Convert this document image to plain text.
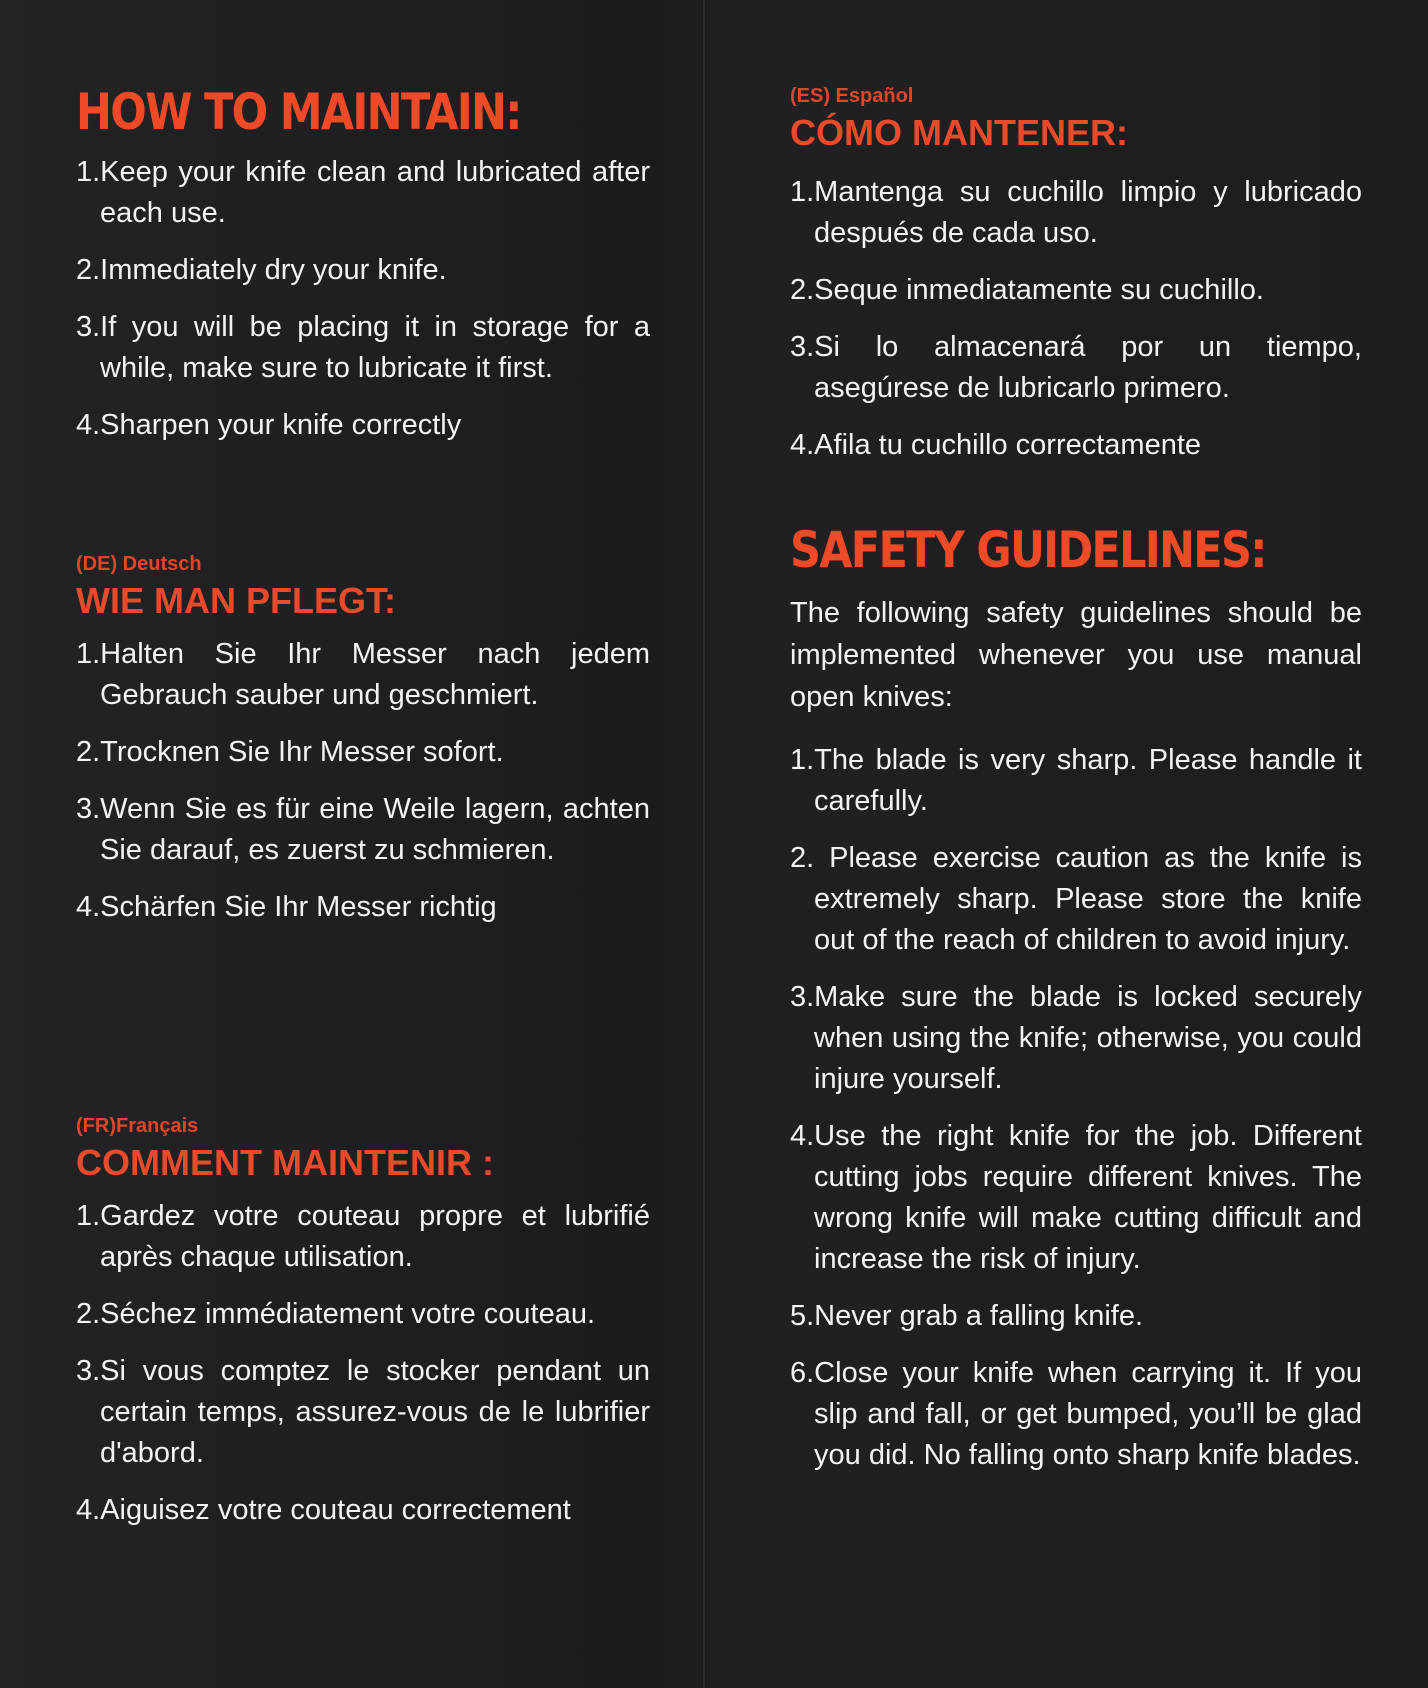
HOW TO MAINTAIN:
1.Keep your knife clean and lubricated after each use.
2.Immediately dry your knife.
3.If you will be placing it in storage for a while, make sure to lubricate it first.
4.Sharpen your knife correctly
(DE) Deutsch
WIE MAN PFLEGT:
1.Halten Sie Ihr Messer nach jedem Gebrauch sauber und geschmiert.
2.Trocknen Sie Ihr Messer sofort.
3.Wenn Sie es für eine Weile lagern, achten Sie darauf, es zuerst zu schmieren.
4.Schärfen Sie Ihr Messer richtig
(FR)Français
COMMENT MAINTENIR :
1.Gardez votre couteau propre et lubrifié après chaque utilisation.
2.Séchez immédiatement votre couteau.
3.Si vous comptez le stocker pendant un certain temps, assurez-vous de le lubrifier d'abord.
4.Aiguisez votre couteau correctement
(ES) Español
CÓMO MANTENER:
1.Mantenga su cuchillo limpio y lubricado después de cada uso.
2.Seque inmediatamente su cuchillo.
3.Si lo almacenará por un tiempo, asegúrese de lubricarlo primero.
4.Afila tu cuchillo correctamente
SAFETY GUIDELINES:

The following safety guidelines should be implemented whenever you use manual open knives:

1.The blade is very sharp. Please handle it carefully.
2. Please exercise caution as the knife is extremely sharp. Please store the knife out of the reach of children to avoid injury.
3.Make sure the blade is locked securely when using the knife; otherwise, you could injure yourself.
4.Use the right knife for the job. Different cutting jobs require different knives. The wrong knife will make cutting difficult and increase the risk of injury.
5.Never grab a falling knife.
6.Close your knife when carrying it. If you slip and fall, or get bumped, you’ll be glad you did. No falling onto sharp knife blades.
